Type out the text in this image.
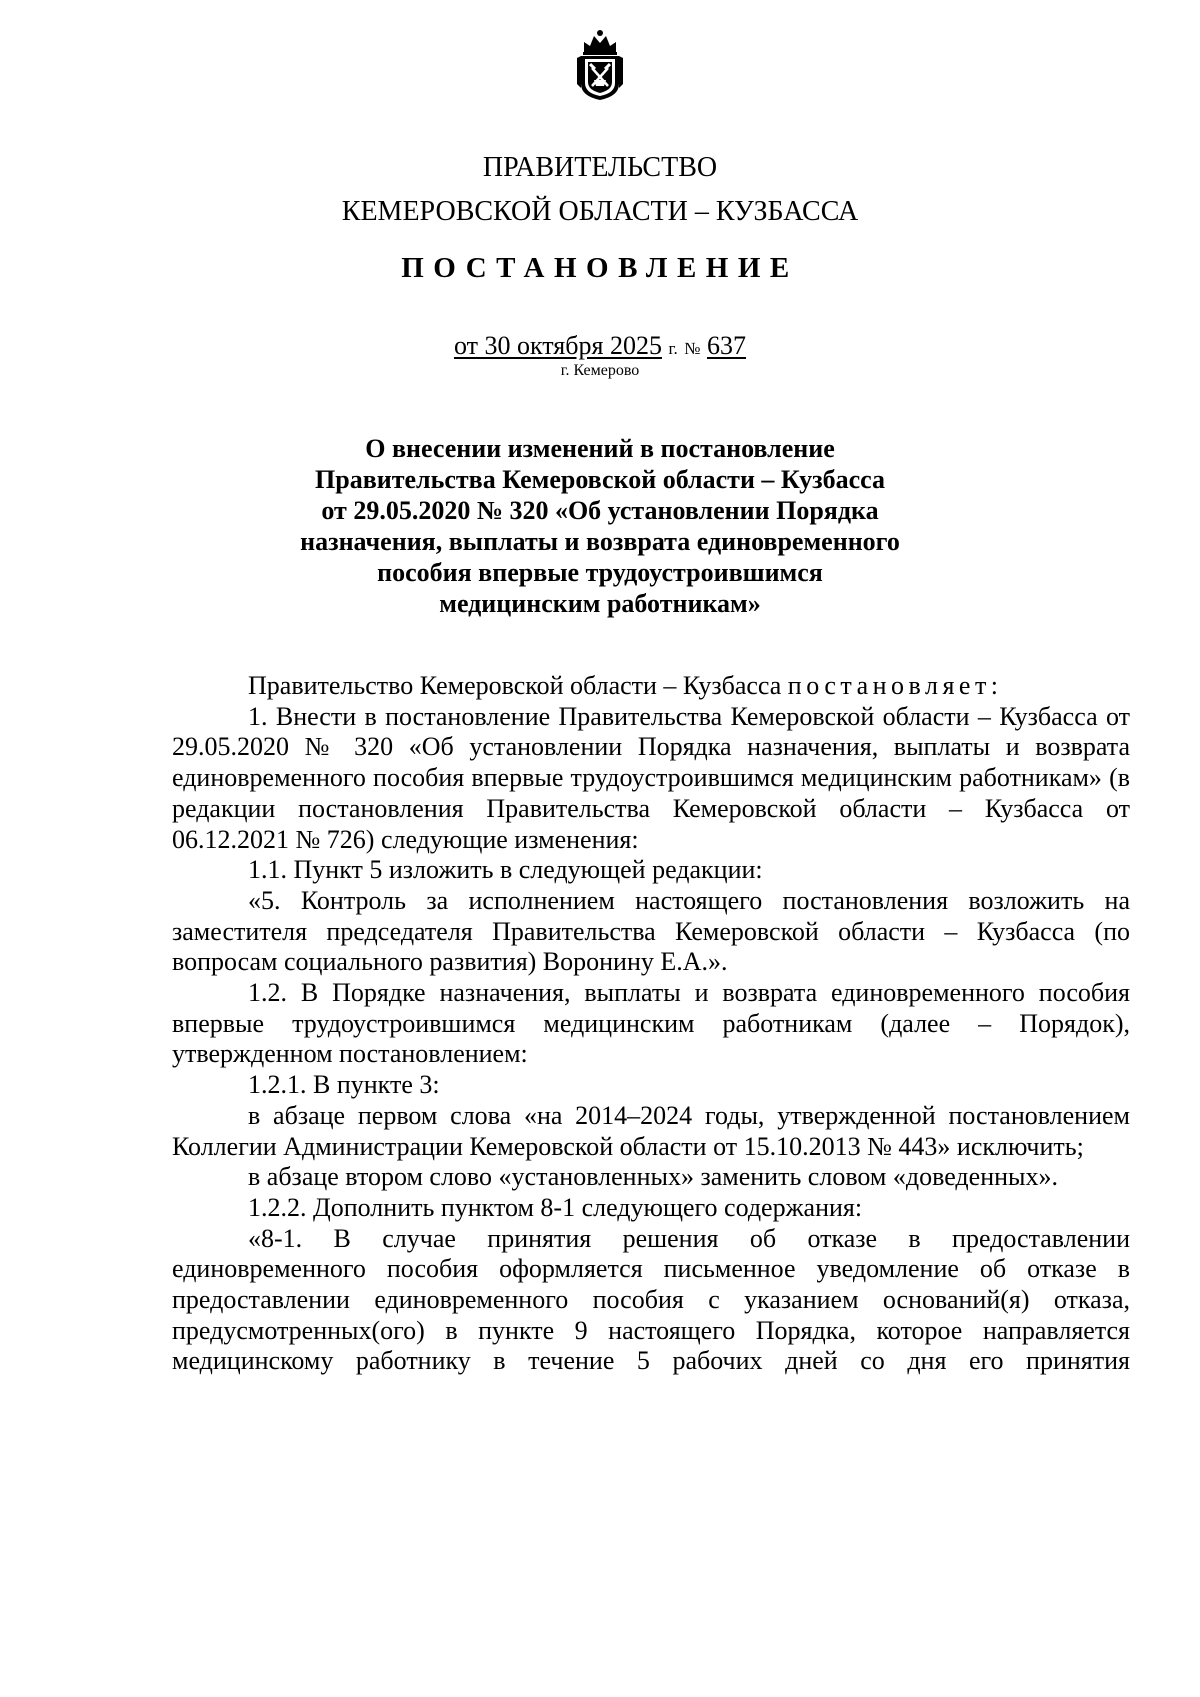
ПРАВИТЕЛЬСТВО
КЕМЕРОВСКОЙ ОБЛАСТИ – КУЗБАССА
ПОСТАНОВЛЕНИЕ
от 30 октября 2025 г. № 637
г. Кемерово
О внесении изменений в постановление
Правительства Кемеровской области – Кузбасса
от 29.05.2020 № 320 «Об установлении Порядка
назначения, выплаты и возврата единовременного
пособия впервые трудоустроившимся
медицинским работникам»
Правительство Кемеровской области – Кузбасса постановляет:
1. Внести в постановление Правительства Кемеровской области – Кузбасса от 29.05.2020 № 320 «Об установлении Порядка назначения, выплаты и возврата единовременного пособия впервые трудоустроившимся медицинским работникам» (в редакции постановления Правительства Кемеровской области – Кузбасса от 06.12.2021 № 726) следующие изменения:
1.1. Пункт 5 изложить в следующей редакции:
«5. Контроль за исполнением настоящего постановления возложить на заместителя председателя Правительства Кемеровской области – Кузбасса (по вопросам социального развития) Воронину Е.А.».
1.2. В Порядке назначения, выплаты и возврата единовременного пособия впервые трудоустроившимся медицинским работникам (далее – Порядок), утвержденном постановлением:
1.2.1. В пункте 3:
в абзаце первом слова «на 2014–2024 годы, утвержденной постановлением Коллегии Администрации Кемеровской области от 15.10.2013 № 443» исключить;
в абзаце втором слово «установленных» заменить словом «доведенных».
1.2.2. Дополнить пунктом 8-1 следующего содержания:
«8-1. В случае принятия решения об отказе в предоставлении единовременного пособия оформляется письменное уведомление об отказе в предоставлении единовременного пособия с указанием оснований(я) отказа, предусмотренных(ого) в пункте 9 настоящего Порядка, которое направляется медицинскому работнику в течение 5 рабочих дней со дня его принятия
